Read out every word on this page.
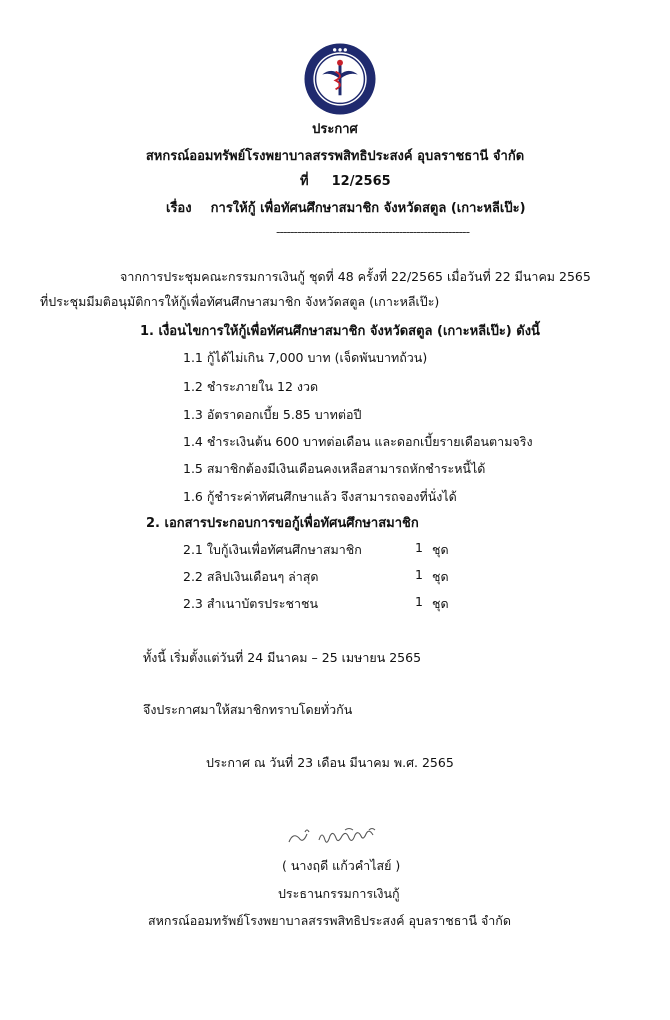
● ● ●
ประกาศ
สหกรณ์ออมทรัพย์โรงพยาบาลสรรพสิทธิประสงค์ อุบลราชธานี จำกัด
ที่ 12/2565
เรื่อง การให้กู้ เพื่อทัศนศึกษาสมาชิก จังหวัดสตูล (เกาะหลีเป๊ะ)
-------------------------------------------------------
จากการประชุมคณะกรรมการเงินกู้ ชุดที่ 48 ครั้งที่ 22/2565 เมื่อวันที่ 22 มีนาคม 2565
ที่ประชุมมีมติอนุมัติการให้กู้เพื่อทัศนศึกษาสมาชิก จังหวัดสตูล (เกาะหลีเป๊ะ)
1. เงื่อนไขการให้กู้เพื่อทัศนศึกษาสมาชิก จังหวัดสตูล (เกาะหลีเป๊ะ) ดังนี้
1.1 กู้ได้ไม่เกิน 7,000 บาท (เจ็ดพันบาทถ้วน)
1.2 ชำระภายใน 12 งวด
1.3 อัตราดอกเบี้ย 5.85 บาทต่อปี
1.4 ชำระเงินต้น 600 บาทต่อเดือน และดอกเบี้ยรายเดือนตามจริง
1.5 สมาชิกต้องมีเงินเดือนคงเหลือสามารถหักชำระหนี้ได้
1.6 กู้ชำระค่าทัศนศึกษาแล้ว จึงสามารถจองที่นั่งได้
2. เอกสารประกอบการขอกู้เพื่อทัศนศึกษาสมาชิก
2.1 ใบกู้เงินเพื่อทัศนศึกษาสมาชิก	1 ชุด
2.2 สลิปเงินเดือนๆ ล่าสุด	1 ชุด
2.3 สำเนาบัตรประชาชน	1 ชุด
ทั้งนี้ เริ่มตั้งแต่วันที่ 24 มีนาคม – 25 เมษายน 2565
จึงประกาศมาให้สมาชิกทราบโดยทั่วกัน
ประกาศ ณ วันที่ 23 เดือน มีนาคม พ.ศ. 2565
( นางฤดี แก้วคำไสย์ )
ประธานกรรมการเงินกู้
สหกรณ์ออมทรัพย์โรงพยาบาลสรรพสิทธิประสงค์ อุบลราชธานี จำกัด
